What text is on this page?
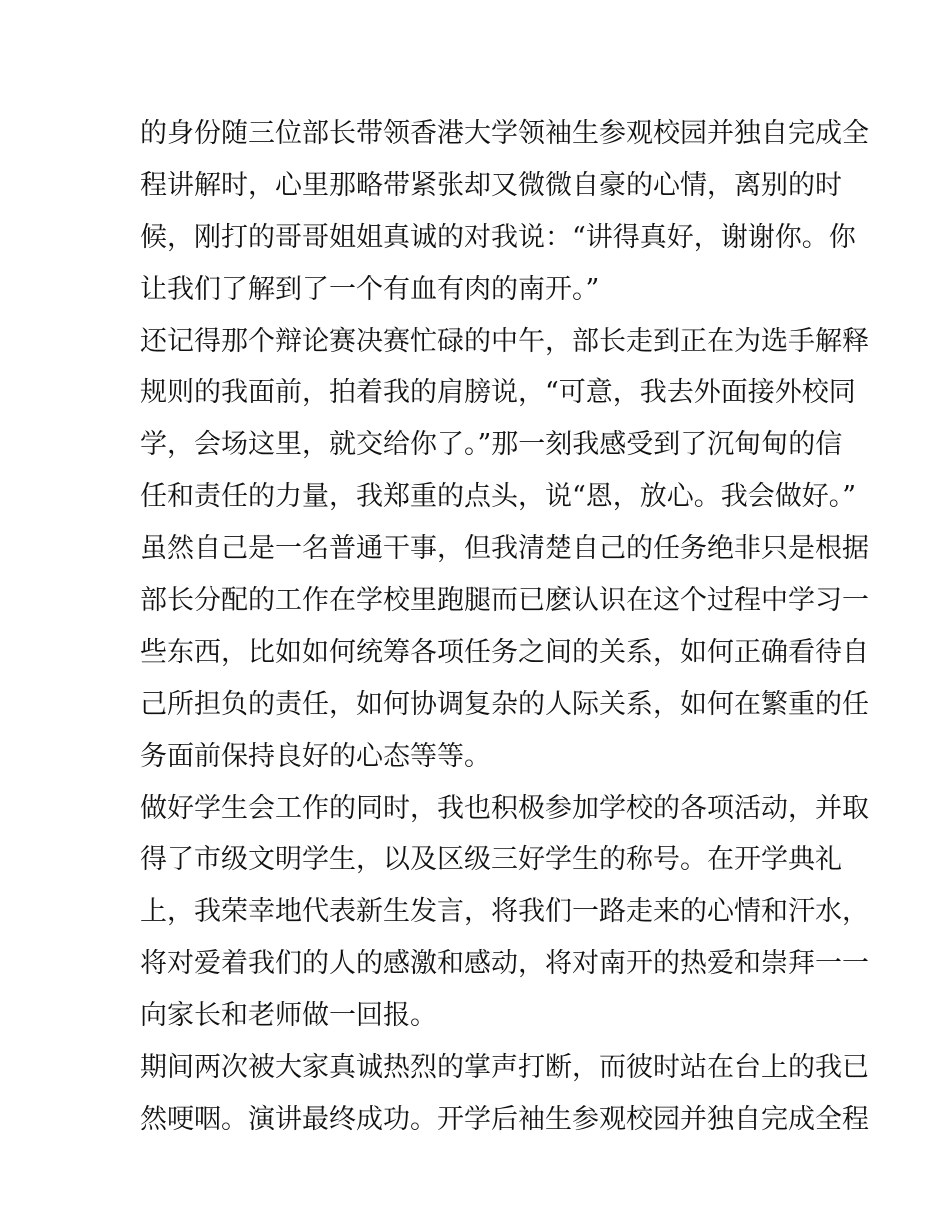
的身份随三位部长带领香港大学领袖生参观校园并独自完成全
程讲解时，心里那略带紧张却又微微自豪的心情，离别的时
候，刚打的哥哥姐姐真诚的对我说：“讲得真好，谢谢你。你
让我们了解到了一个有血有肉的南开。”
还记得那个辩论赛决赛忙碌的中午，部长走到正在为选手解释
规则的我面前，拍着我的肩膀说，“可意，我去外面接外校同
学，会场这里，就交给你了。”那一刻我感受到了沉甸甸的信
任和责任的力量，我郑重的点头，说“恩，放心。我会做好。”
虽然自己是一名普通干事，但我清楚自己的任务绝非只是根据
部长分配的工作在学校里跑腿而已麽认识在这个过程中学习一
些东西，比如如何统筹各项任务之间的关系，如何正确看待自
己所担负的责任，如何协调复杂的人际关系，如何在繁重的任
务面前保持良好的心态等等。
做好学生会工作的同时，我也积极参加学校的各项活动，并取
得了市级文明学生，以及区级三好学生的称号。在开学典礼
上，我荣幸地代表新生发言，将我们一路走来的心情和汗水，
将对爱着我们的人的感激和感动，将对南开的热爱和崇拜一一
向家长和老师做一回报。
期间两次被大家真诚热烈的掌声打断，而彼时站在台上的我已
然哽咽。演讲最终成功。开学后袖生参观校园并独自完成全程
